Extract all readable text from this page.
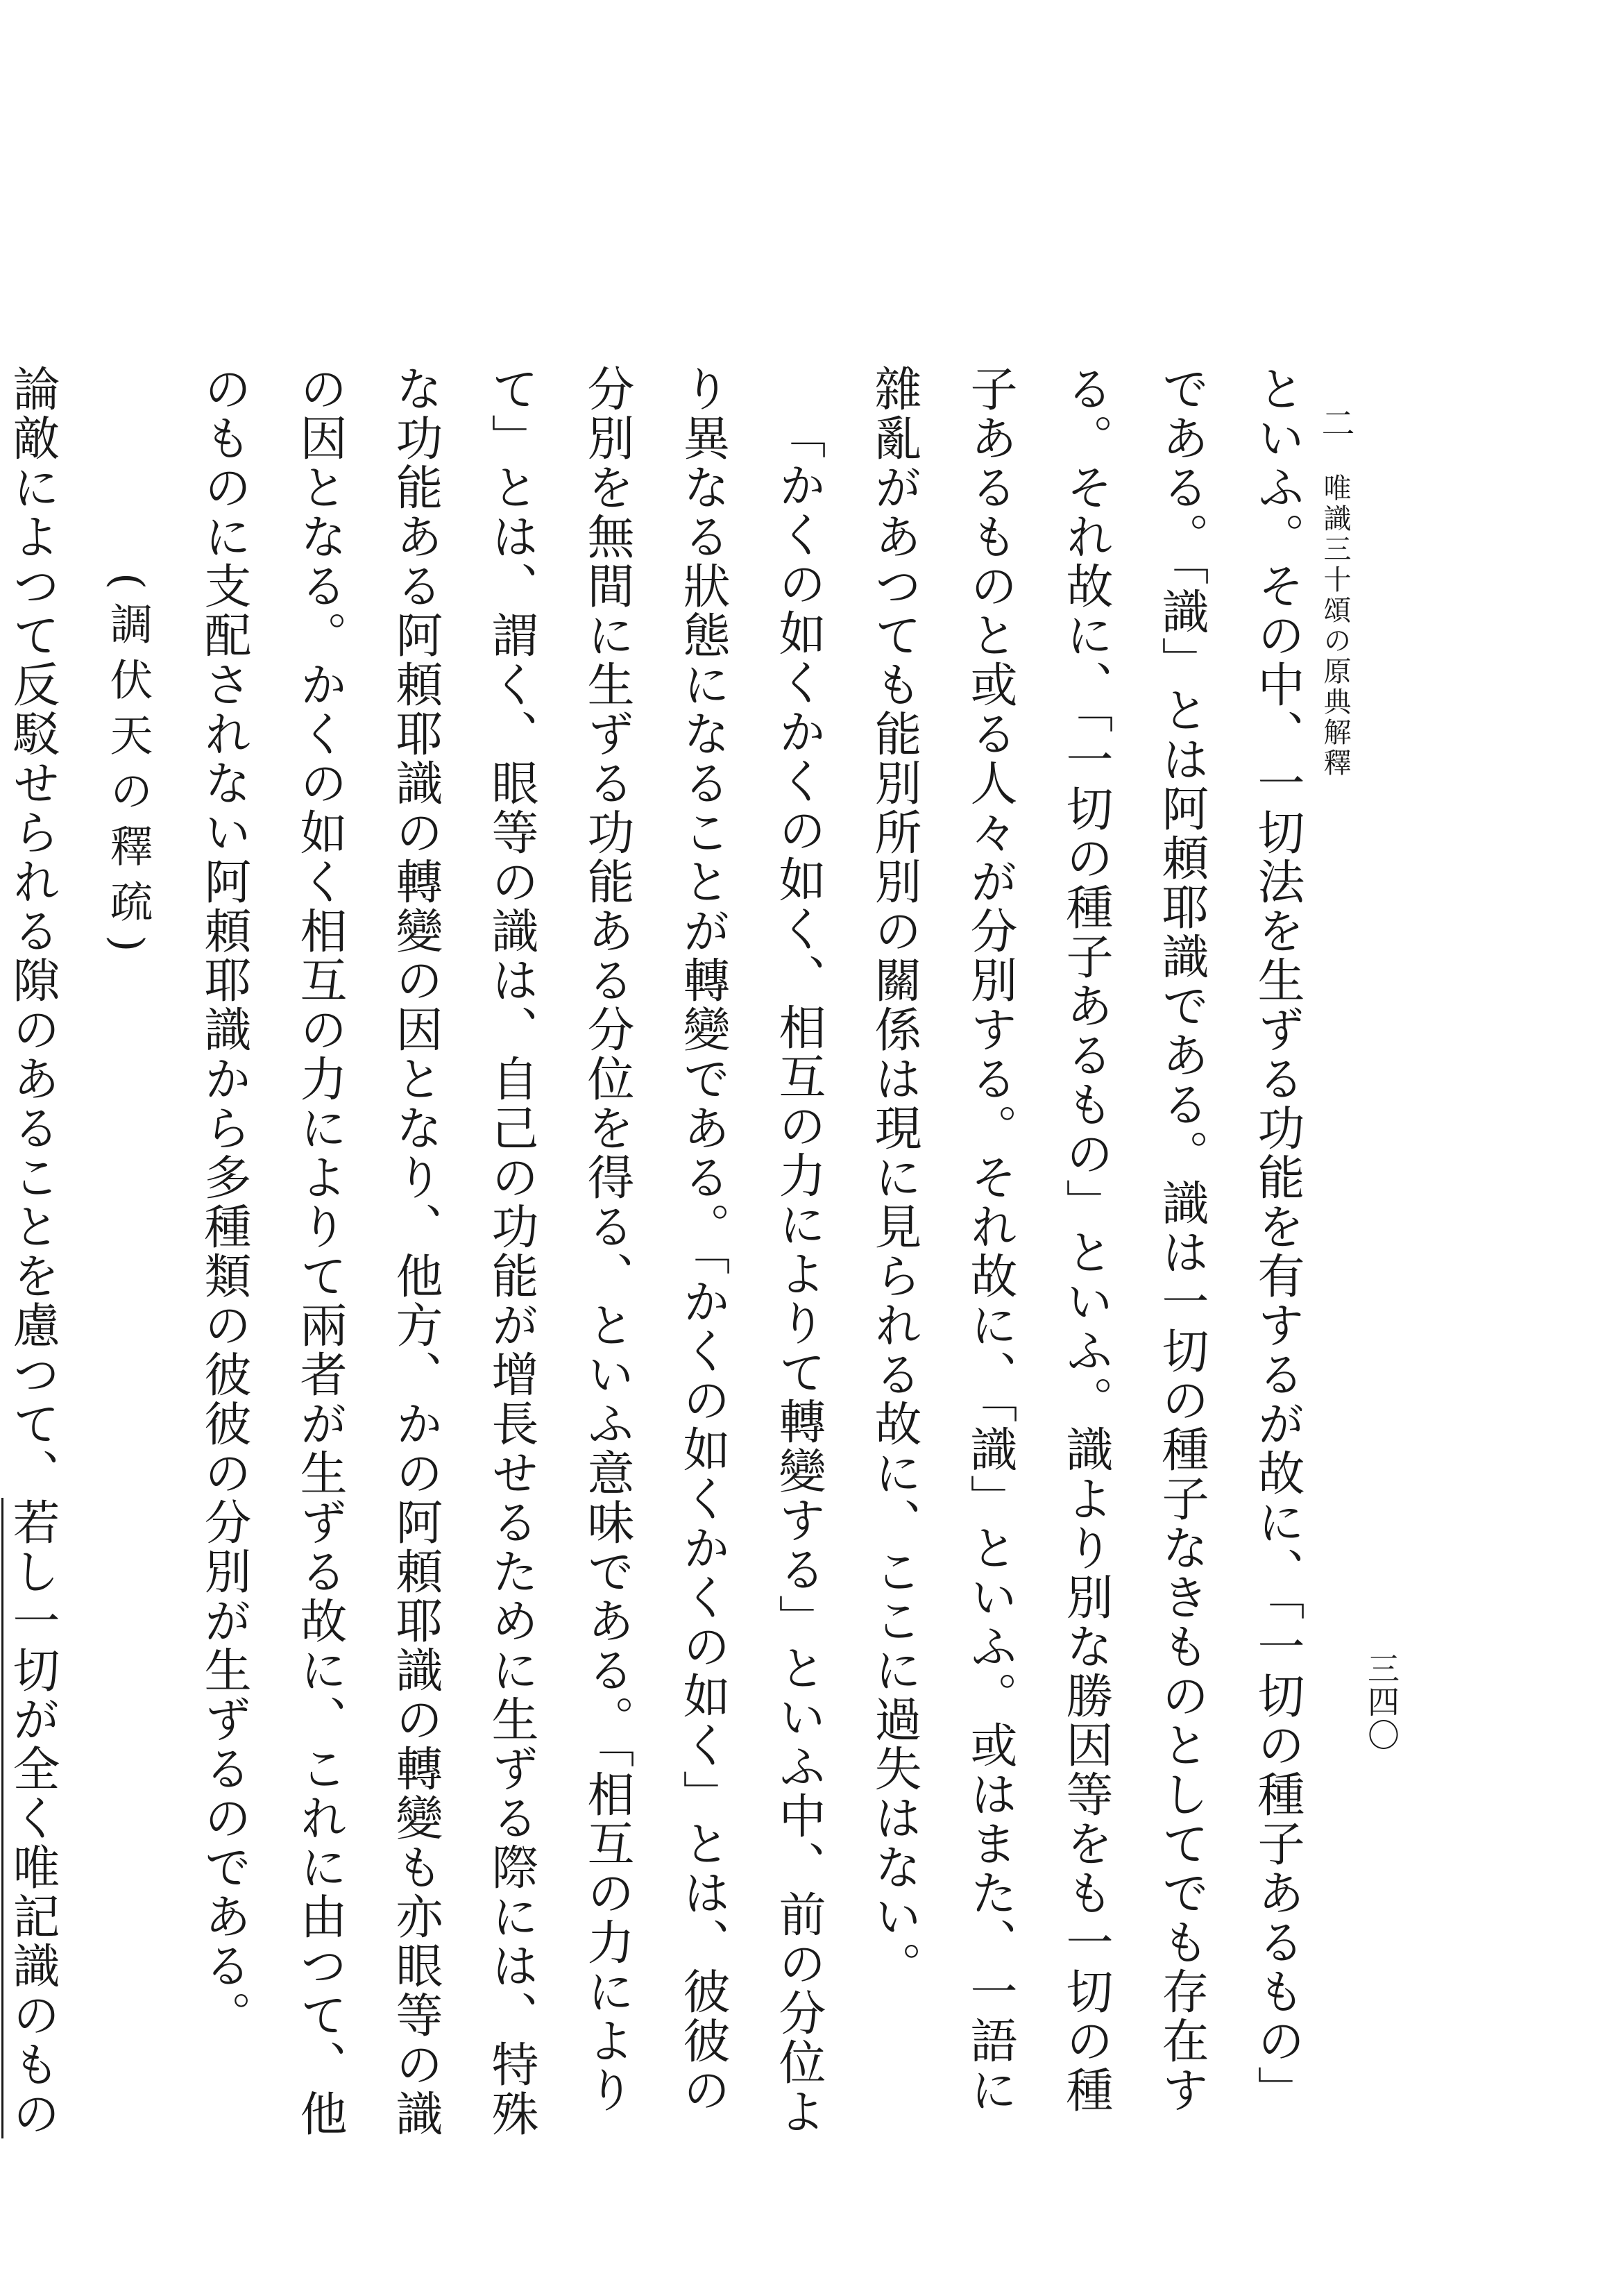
二 唯識三十頌の原典解釋
三四〇

といふ。その中、一切法を生ずる功能を有するが故に、「一切の種子あるもの」である。「識」とは阿頼耶識である。識は一切の種子なきものとしてでも存在する。それ故に、「一切の種子あるもの」といふ。識より別な勝因等をも一切の種子あるものと或る人々が分別する。それ故に、「識」といふ。或はまた、一語に雜亂があつても能別所別の關係は現に見られる故に、ここに過失はない。

「かくの如くかくの如く、相互の力によりて轉變する」といふ中、前の分位より異なる狀態になることが轉變である。「かくの如くかくの如く」とは、彼彼の分別を無間に生ずる功能ある分位を得る、といふ意味である。「相互の力によりて」とは、謂く、眼等の識は、自己の功能が增長せるために生ずる際には、特殊な功能ある阿頼耶識の轉變の因となり、他方、かの阿頼耶識の轉變も亦眼等の識の因となる。かくの如く相互の力によりて兩者が生ずる故に、これに由つて、他のものに支配されない阿頼耶識から多種類の彼彼の分別が生ずるのである。

(調伏天の釋疏)

論敵によつて反駁せられる隙のあることを慮つて、若し一切が全く唯記識のもの
